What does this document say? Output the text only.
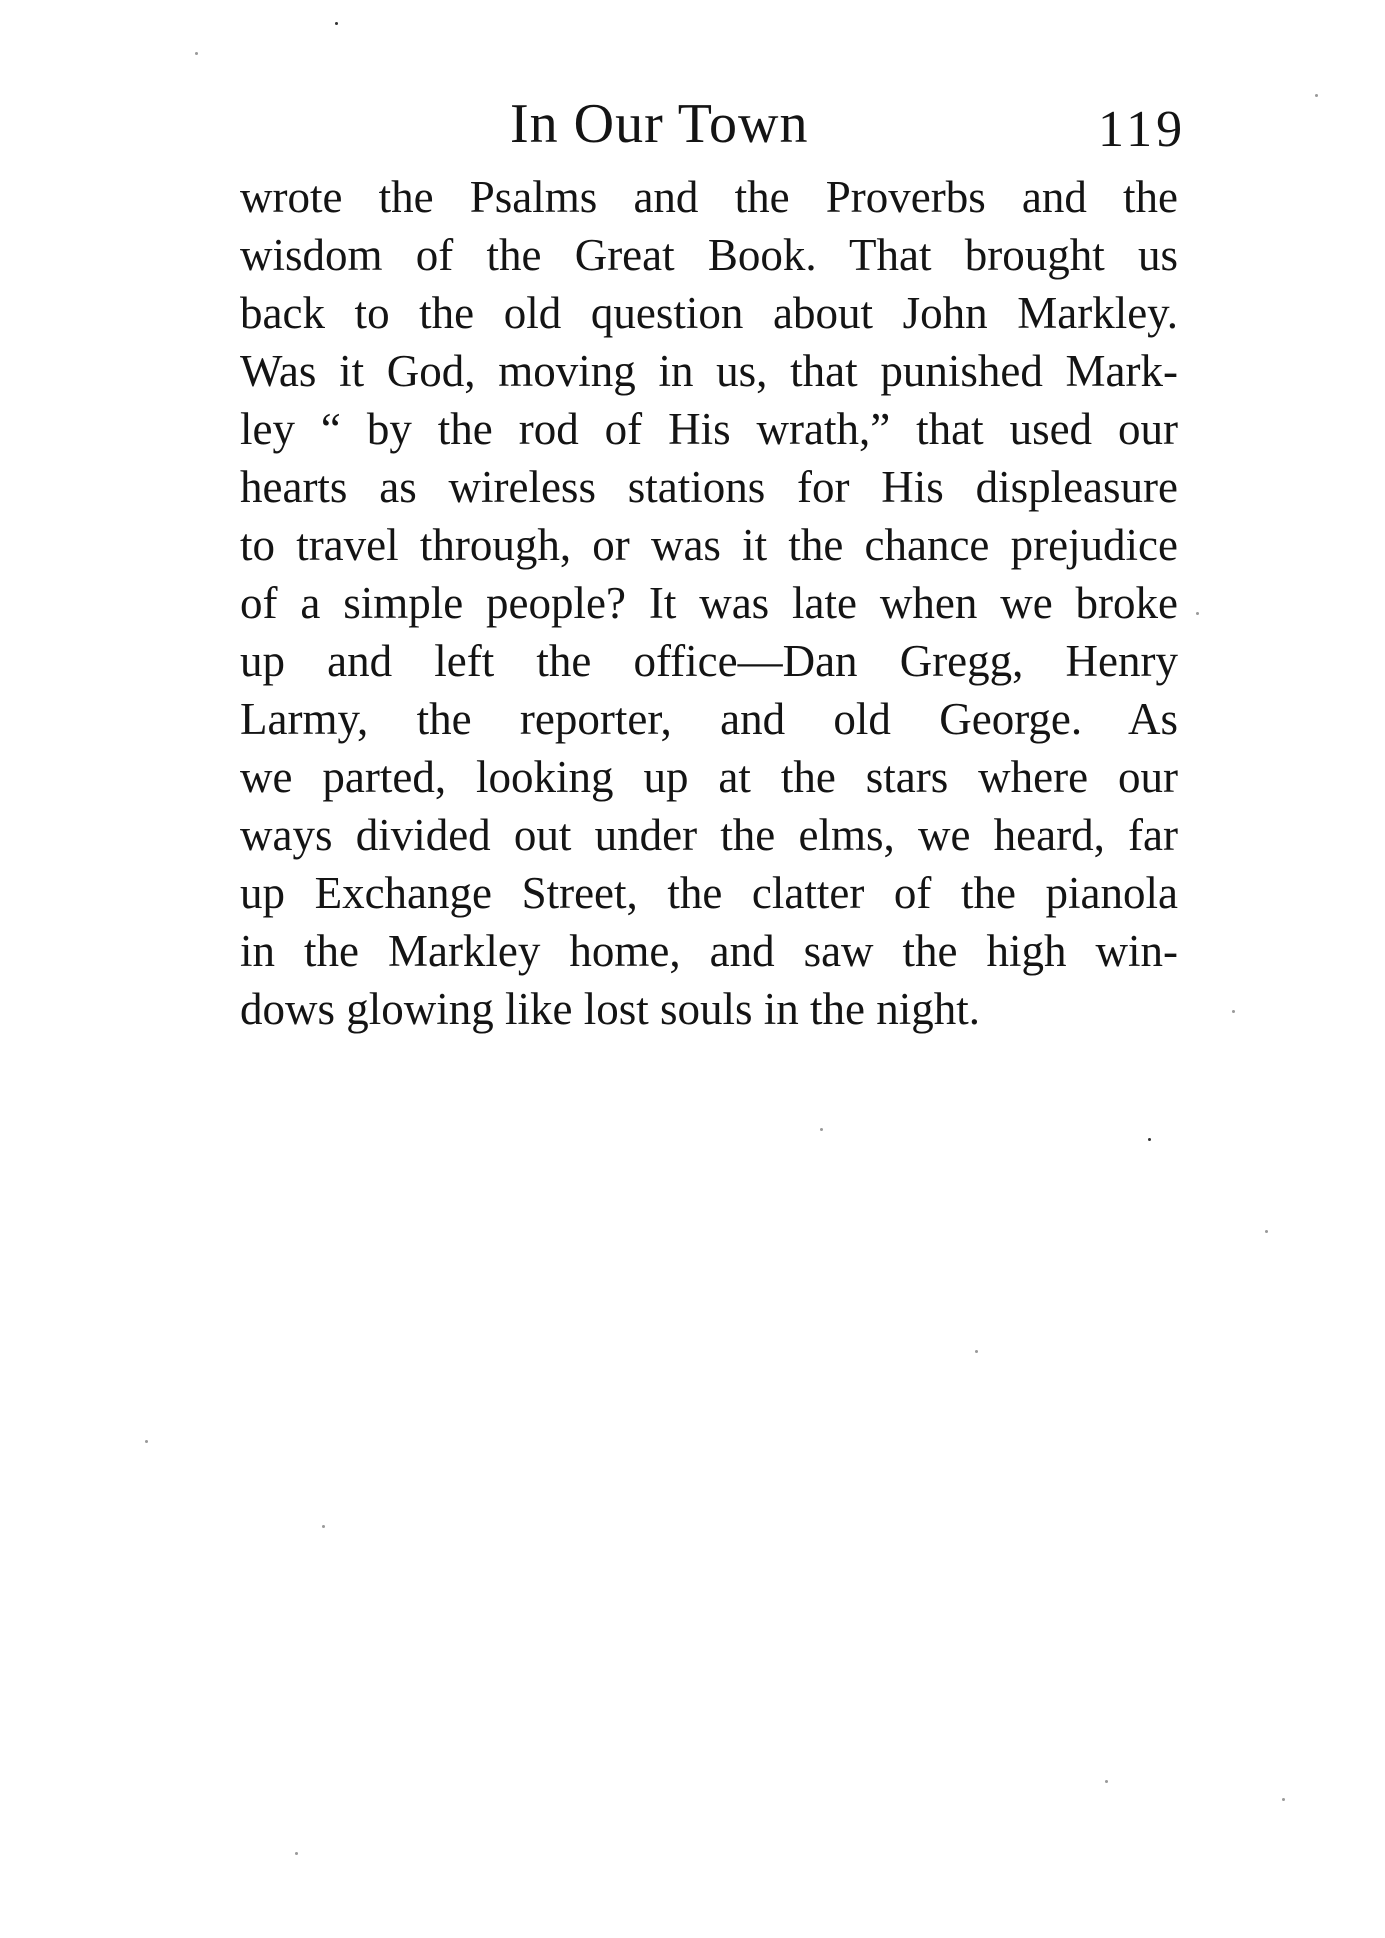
In Our Town	119
wrote the Psalms and the Proverbs and the
wisdom of the Great Book. That brought us
back to the old question about John Markley.
Was it God, moving in us, that punished Mark-
ley “ by the rod of His wrath,” that used our
hearts as wireless stations for His displeasure
to travel through, or was it the chance prejudice
of a simple people? It was late when we broke
up and left the office—Dan Gregg, Henry
Larmy, the reporter, and old George. As
we parted, looking up at the stars where our
ways divided out under the elms, we heard, far
up Exchange Street, the clatter of the pianola
in the Markley home, and saw the high win-
dows glowing like lost souls in the night.
